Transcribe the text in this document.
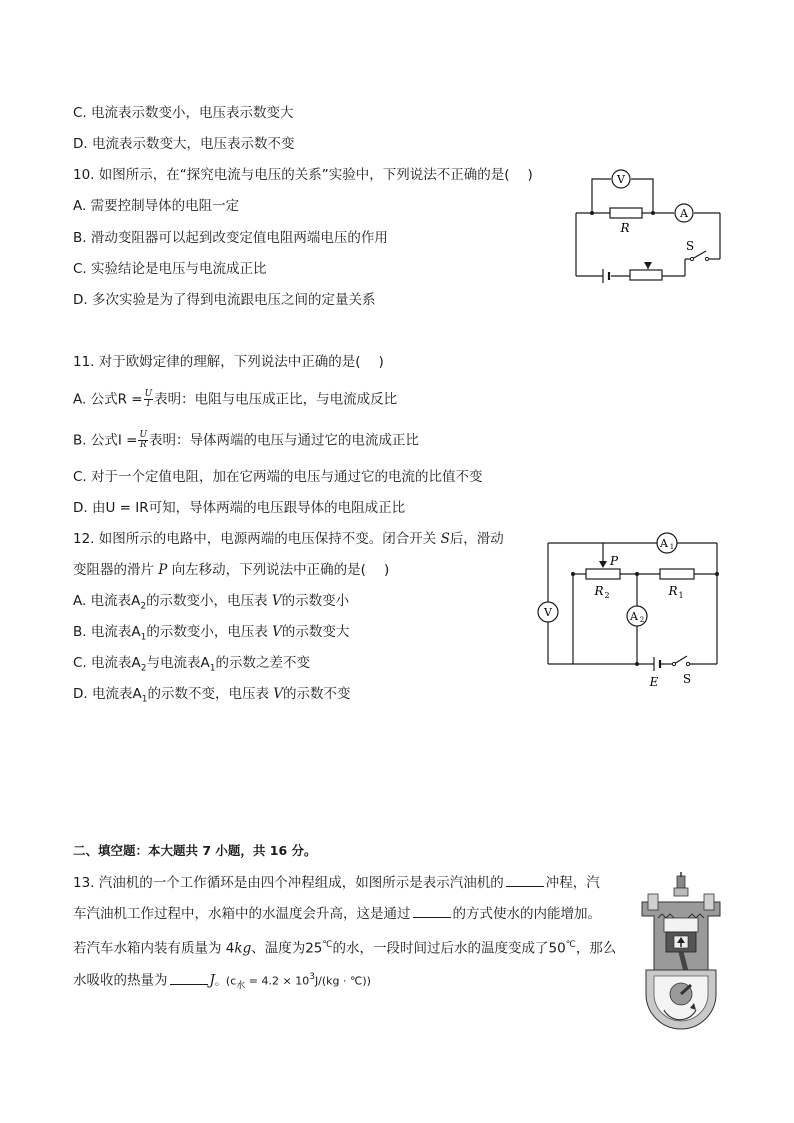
C. 电流表示数变小，电压表示数变大
D. 电流表示数变大，电压表示数不变
10. 如图所示，在“探究电流与电压的关系”实验中，下列说法不正确的是( )
A. 需要控制导体的电阻一定
B. 滑动变阻器可以起到改变定值电阻两端电压的作用
C. 实验结论是电压与电流成正比
D. 多次实验是为了得到电流跟电压之间的定量关系
V
A
R
S
11. 对于欧姆定律的理解，下列说法中正确的是( )
A. 公式$R = \frac{U}{I}$ 表明：电阻与电压成正比，与电流成反比
B. 公式$I = \frac{U}{R}$ 表明：导体两端的电压与通过它的电流成正比
C. 对于一个定值电阻，加在它两端的电压与通过它的电流的比值不变
D. 由U = IR可知，导体两端的电压跟导体的电阻成正比
12. 如图所示的电路中，电源两端的电压保持不变。闭合开关 S后，滑动
变阻器的滑片 P 向左移动，下列说法中正确的是( )
A. 电流表$A_2$的示数变小，电压表 V的示数变小
B. 电流表$A_1$的示数变小，电压表 V的示数变大
C. 电流表$A_2$与电流表$A_1$的示数之差不变
D. 电流表$A_1$的示数不变，电压表 V的示数不变
A 1
V	A 2
P
R 2	R 1
E S
二、填空题：本大题共 7 小题，共 16 分。
13. 汽油机的一个工作循环是由四个冲程组成，如图所示是表示汽油机的	冲程，汽
车汽油机工作过程中，水箱中的水温度会升高，这是通过	的方式使水的内能增加。
若汽车水箱内装有质量为 4kg、温度为25℃的水，一段时间过后水的温度变成了50℃，那么
水吸收的热量为	J。($c_水 = 4.2 \times 10^3J/(kg$ · ℃))
